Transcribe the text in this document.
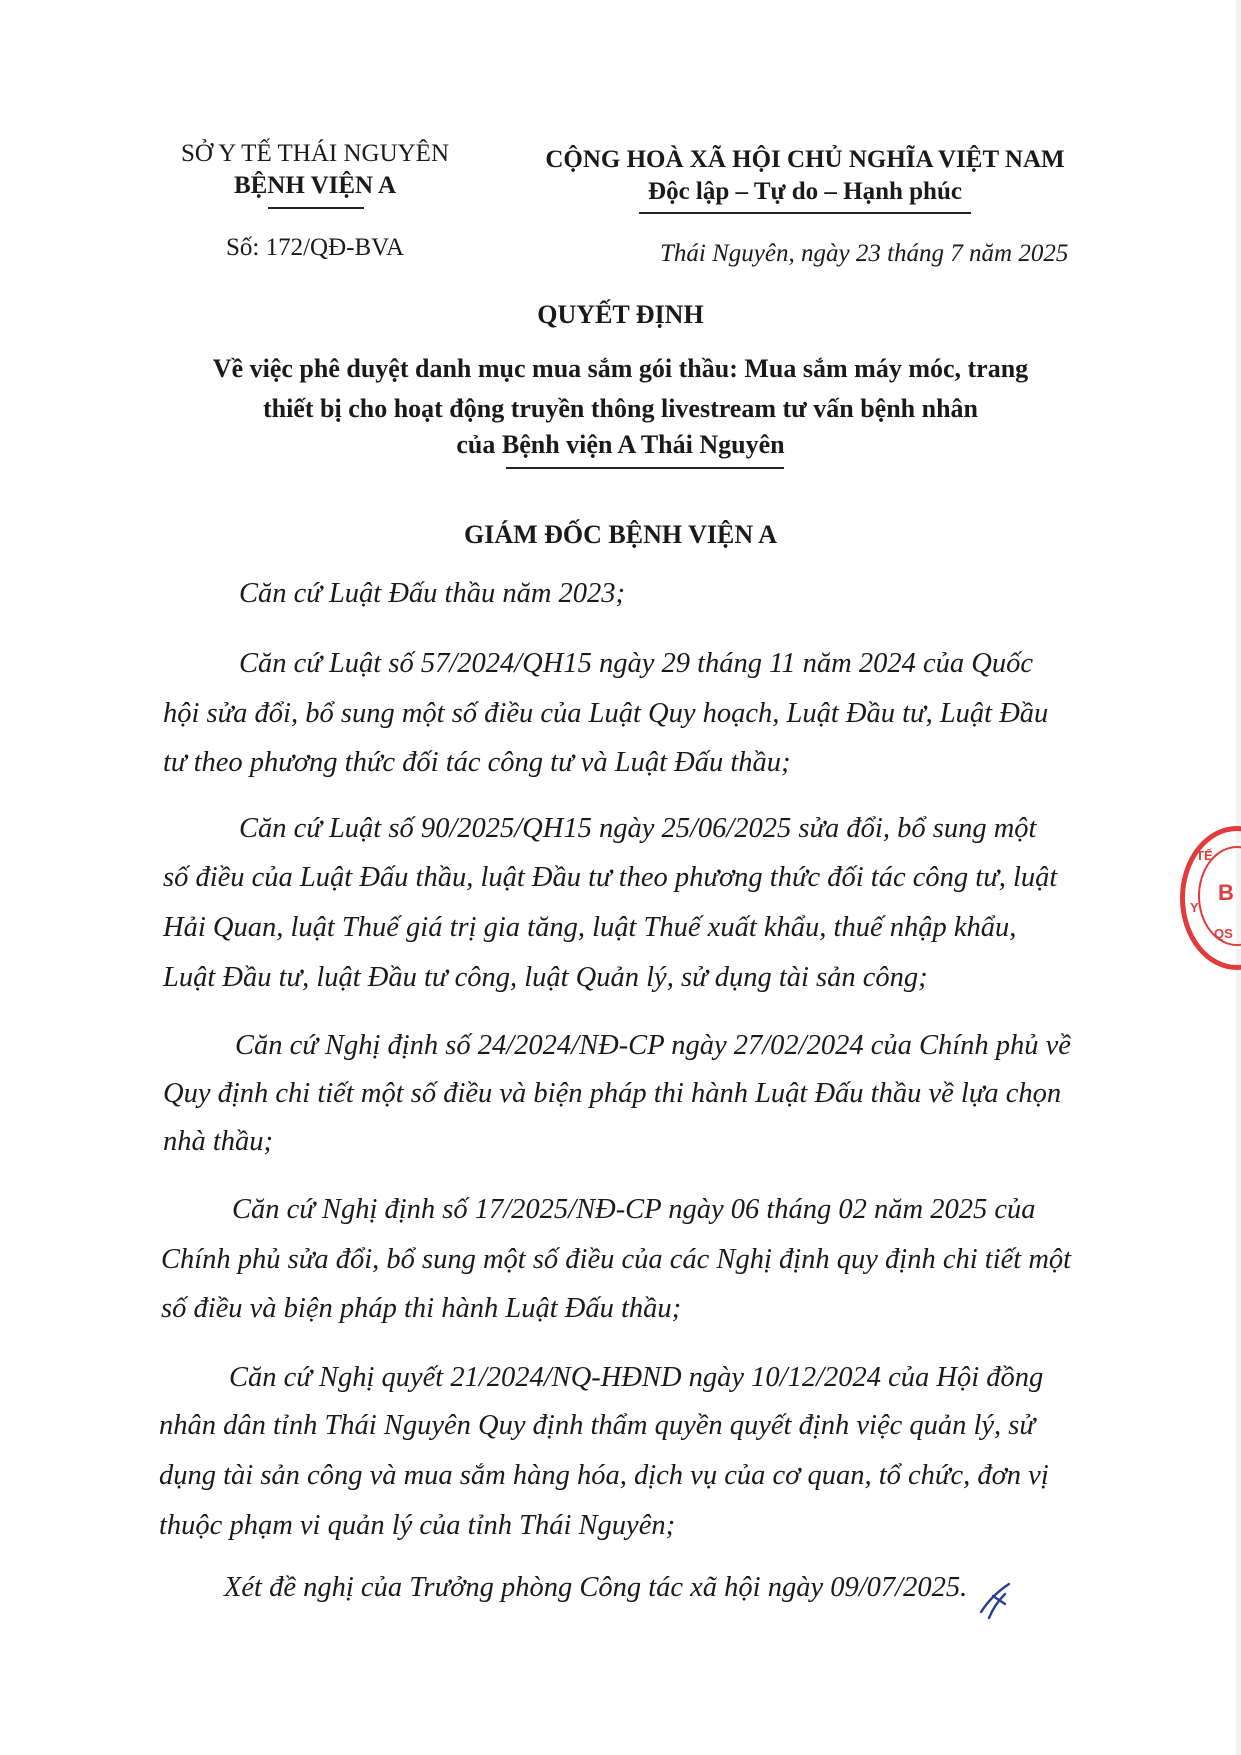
SỞ Y TẾ THÁI NGUYÊN
BỆNH VIỆN A
Số: 172/QĐ-BVA
CỘNG HOÀ XÃ HỘI CHỦ NGHĨA VIỆT NAM
Độc lập – Tự do – Hạnh phúc
Thái Nguyên, ngày 23 tháng 7 năm 2025
QUYẾT ĐỊNH
Về việc phê duyệt danh mục mua sắm gói thầu: Mua sắm máy móc, trang
thiết bị cho hoạt động truyền thông livestream tư vấn bệnh nhân
của Bệnh viện A Thái Nguyên
GIÁM ĐỐC BỆNH VIỆN A
Căn cứ Luật Đấu thầu năm 2023;
Căn cứ Luật số 57/2024/QH15 ngày 29 tháng 11 năm 2024 của Quốc
hội sửa đổi, bổ sung một số điều của Luật Quy hoạch, Luật Đầu tư, Luật Đầu
tư theo phương thức đối tác công tư và Luật Đấu thầu;
Căn cứ Luật số 90/2025/QH15 ngày 25/06/2025 sửa đổi, bổ sung một
số điều của Luật Đấu thầu, luật Đầu tư theo phương thức đối tác công tư, luật
Hải Quan, luật Thuế giá trị gia tăng, luật Thuế xuất khẩu, thuế nhập khẩu,
Luật Đầu tư, luật Đầu tư công, luật Quản lý, sử dụng tài sản công;
Căn cứ Nghị định số 24/2024/NĐ-CP ngày 27/02/2024 của Chính phủ về
Quy định chi tiết một số điều và biện pháp thi hành Luật Đấu thầu về lựa chọn
nhà thầu;
Căn cứ Nghị định số 17/2025/NĐ-CP ngày 06 tháng 02 năm 2025 của
Chính phủ sửa đổi, bổ sung một số điều của các Nghị định quy định chi tiết một
số điều và biện pháp thi hành Luật Đấu thầu;
Căn cứ Nghị quyết 21/2024/NQ-HĐND ngày 10/12/2024 của Hội đồng
nhân dân tỉnh Thái Nguyên Quy định thẩm quyền quyết định việc quản lý, sử
dụng tài sản công và mua sắm hàng hóa, dịch vụ của cơ quan, tổ chức, đơn vị
thuộc phạm vi quản lý của tỉnh Thái Nguyên;
Xét đề nghị của Trưởng phòng Công tác xã hội ngày 09/07/2025.
TẾ
B
Y
QS
